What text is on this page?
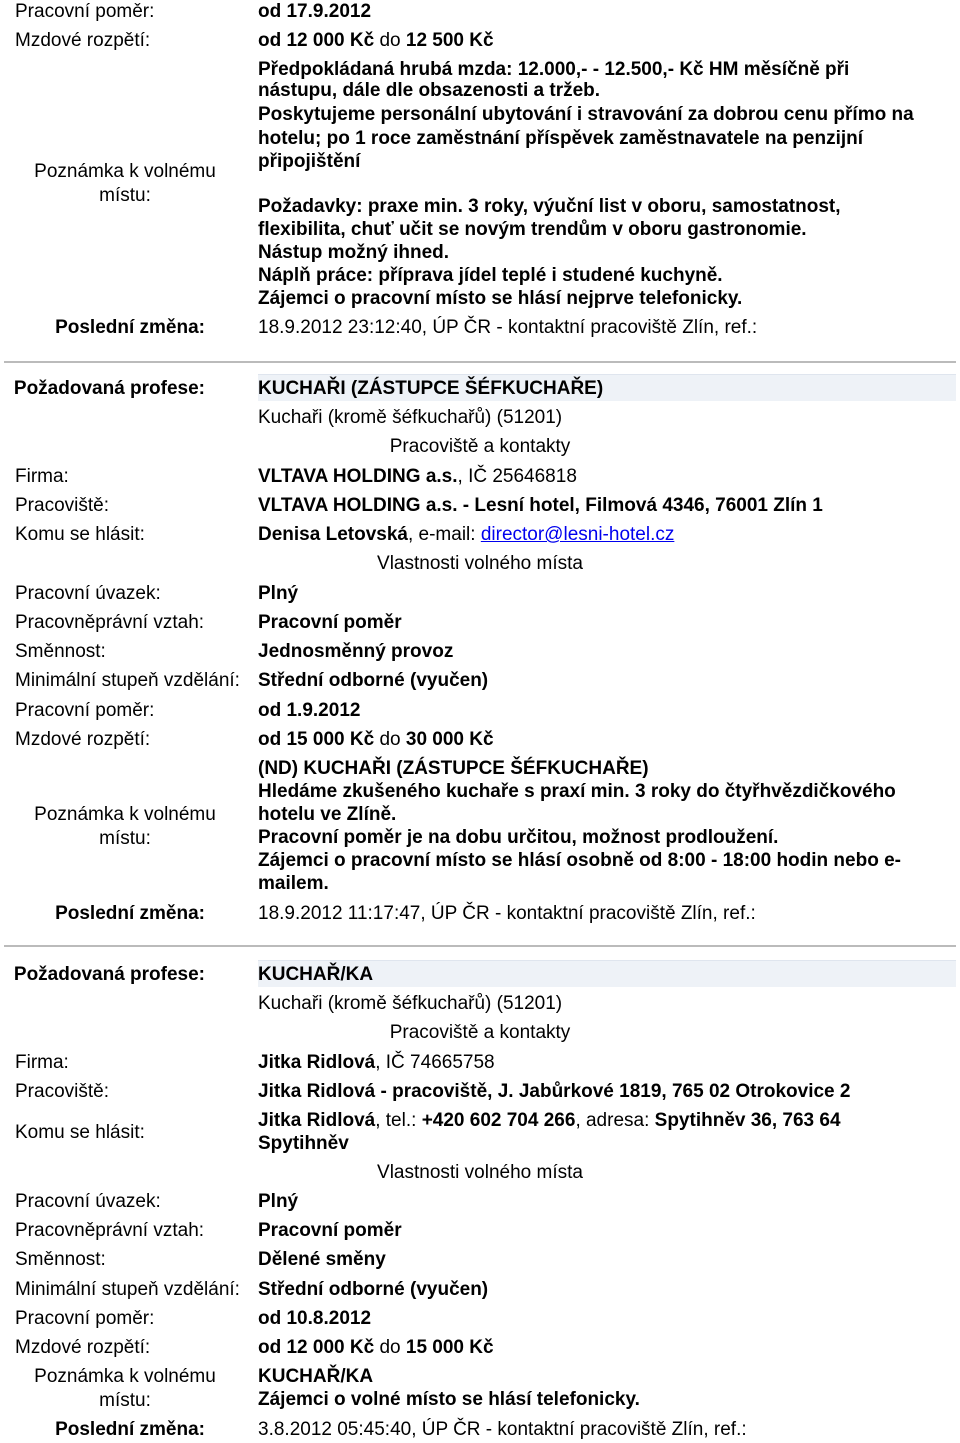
Pracovní poměr:	od 17.9.2012
Mzdové rozpětí:	od 12 000 Kč do 12 500 Kč
Poznámka k volnému
místu:
Předpokládaná hrubá mzda: 12.000,- - 12.500,- Kč HM měsíčně při
nástupu, dále dle obsazenosti a tržeb.
Poskytujeme personální ubytování i stravování za dobrou cenu přímo na
hotelu; po 1 roce zaměstnání příspěvek zaměstnavatele na penzijní
připojištění
Požadavky: praxe min. 3 roky, výuční list v oboru, samostatnost,
flexibilita, chuť učit se novým trendům v oboru gastronomie.
Nástup možný ihned.
Náplň práce: příprava jídel teplé i studené kuchyně.
Zájemci o pracovní místo se hlásí nejprve telefonicky.
Poslední změna:	18.9.2012 23:12:40, ÚP ČR - kontaktní pracoviště Zlín, ref.:
Požadovaná profese:	KUCHAŘI (ZÁSTUPCE ŠÉFKUCHAŘE)
Kuchaři (kromě šéfkuchařů) (51201)
Pracoviště a kontakty
Firma:	VLTAVA HOLDING a.s., IČ 25646818
Pracoviště:	VLTAVA HOLDING a.s. - Lesní hotel, Filmová 4346, 76001 Zlín 1
Komu se hlásit:	Denisa Letovská, e-mail: director@lesni-hotel.cz
Vlastnosti volného místa
Pracovní úvazek:	Plný
Pracovněprávní vztah:	Pracovní poměr
Směnnost:	Jednosměnný provoz
Minimální stupeň vzdělání: Střední odborné (vyučen)
Pracovní poměr:	od 1.9.2012
Mzdové rozpětí:	od 15 000 Kč do 30 000 Kč
Poznámka k volnému
místu:
(ND) KUCHAŘI (ZÁSTUPCE ŠÉFKUCHAŘE)
Hledáme zkušeného kuchaře s praxí min. 3 roky do čtyřhvězdičkového
hotelu ve Zlíně.
Pracovní poměr je na dobu určitou, možnost prodloužení.
Zájemci o pracovní místo se hlásí osobně od 8:00 - 18:00 hodin nebo e-
mailem.
Poslední změna:	18.9.2012 11:17:47, ÚP ČR - kontaktní pracoviště Zlín, ref.:
Požadovaná profese:	KUCHAŘ/KA
Kuchaři (kromě šéfkuchařů) (51201)
Pracoviště a kontakty
Firma:	Jitka Ridlová, IČ 74665758
Pracoviště:	Jitka Ridlová - pracoviště, J. Jabůrkové 1819, 765 02 Otrokovice 2
Komu se hlásit:
Jitka Ridlová, tel.: +420 602 704 266, adresa: Spytihněv 36, 763 64
Spytihněv
Vlastnosti volného místa
Pracovní úvazek:	Plný
Pracovněprávní vztah:	Pracovní poměr
Směnnost:	Dělené směny
Minimální stupeň vzdělání: Střední odborné (vyučen)
Pracovní poměr:	od 10.8.2012
Mzdové rozpětí:	od 12 000 Kč do 15 000 Kč
Poznámka k volnému
místu:
KUCHAŘ/KA
Zájemci o volné místo se hlásí telefonicky.
Poslední změna:	3.8.2012 05:45:40, ÚP ČR - kontaktní pracoviště Zlín, ref.:
